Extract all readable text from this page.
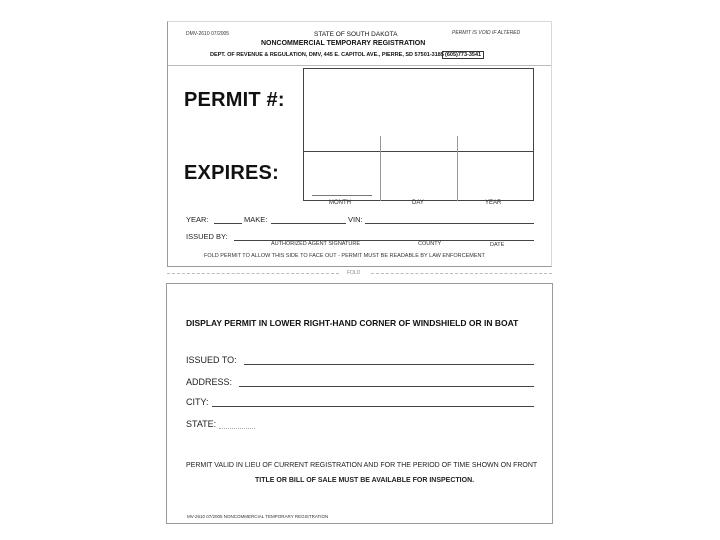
DMV-2610 07/2005	PERMIT IS VOID IF ALTERED
STATE OF SOUTH DAKOTA
NONCOMMERCIAL TEMPORARY REGISTRATION
DEPT. OF REVENUE & REGULATION, DMV, 445 E. CAPITOL AVE., PIERRE, SD 57501-3185 (605)773-3541
PERMIT #:
EXPIRES:
MONTH	DAY	YEAR
YEAR:	MAKE:	VIN:
ISSUED BY:
AUTHORIZED AGENT SIGNATURE	COUNTY	DATE
FOLD PERMIT TO ALLOW THIS SIDE TO FACE OUT - PERMIT MUST BE READABLE BY LAW ENFORCEMENT
FOLD
DISPLAY PERMIT IN LOWER RIGHT-HAND CORNER OF WINDSHIELD OR IN BOAT
ISSUED TO:
ADDRESS:
CITY:
STATE:
PERMIT VALID IN LIEU OF CURRENT REGISTRATION AND FOR THE PERIOD OF TIME SHOWN ON FRONT
TITLE OR BILL OF SALE MUST BE AVAILABLE FOR INSPECTION.
MV-2610 07/2005 NONCOMMERCIAL TEMPORARY REGISTRATION
